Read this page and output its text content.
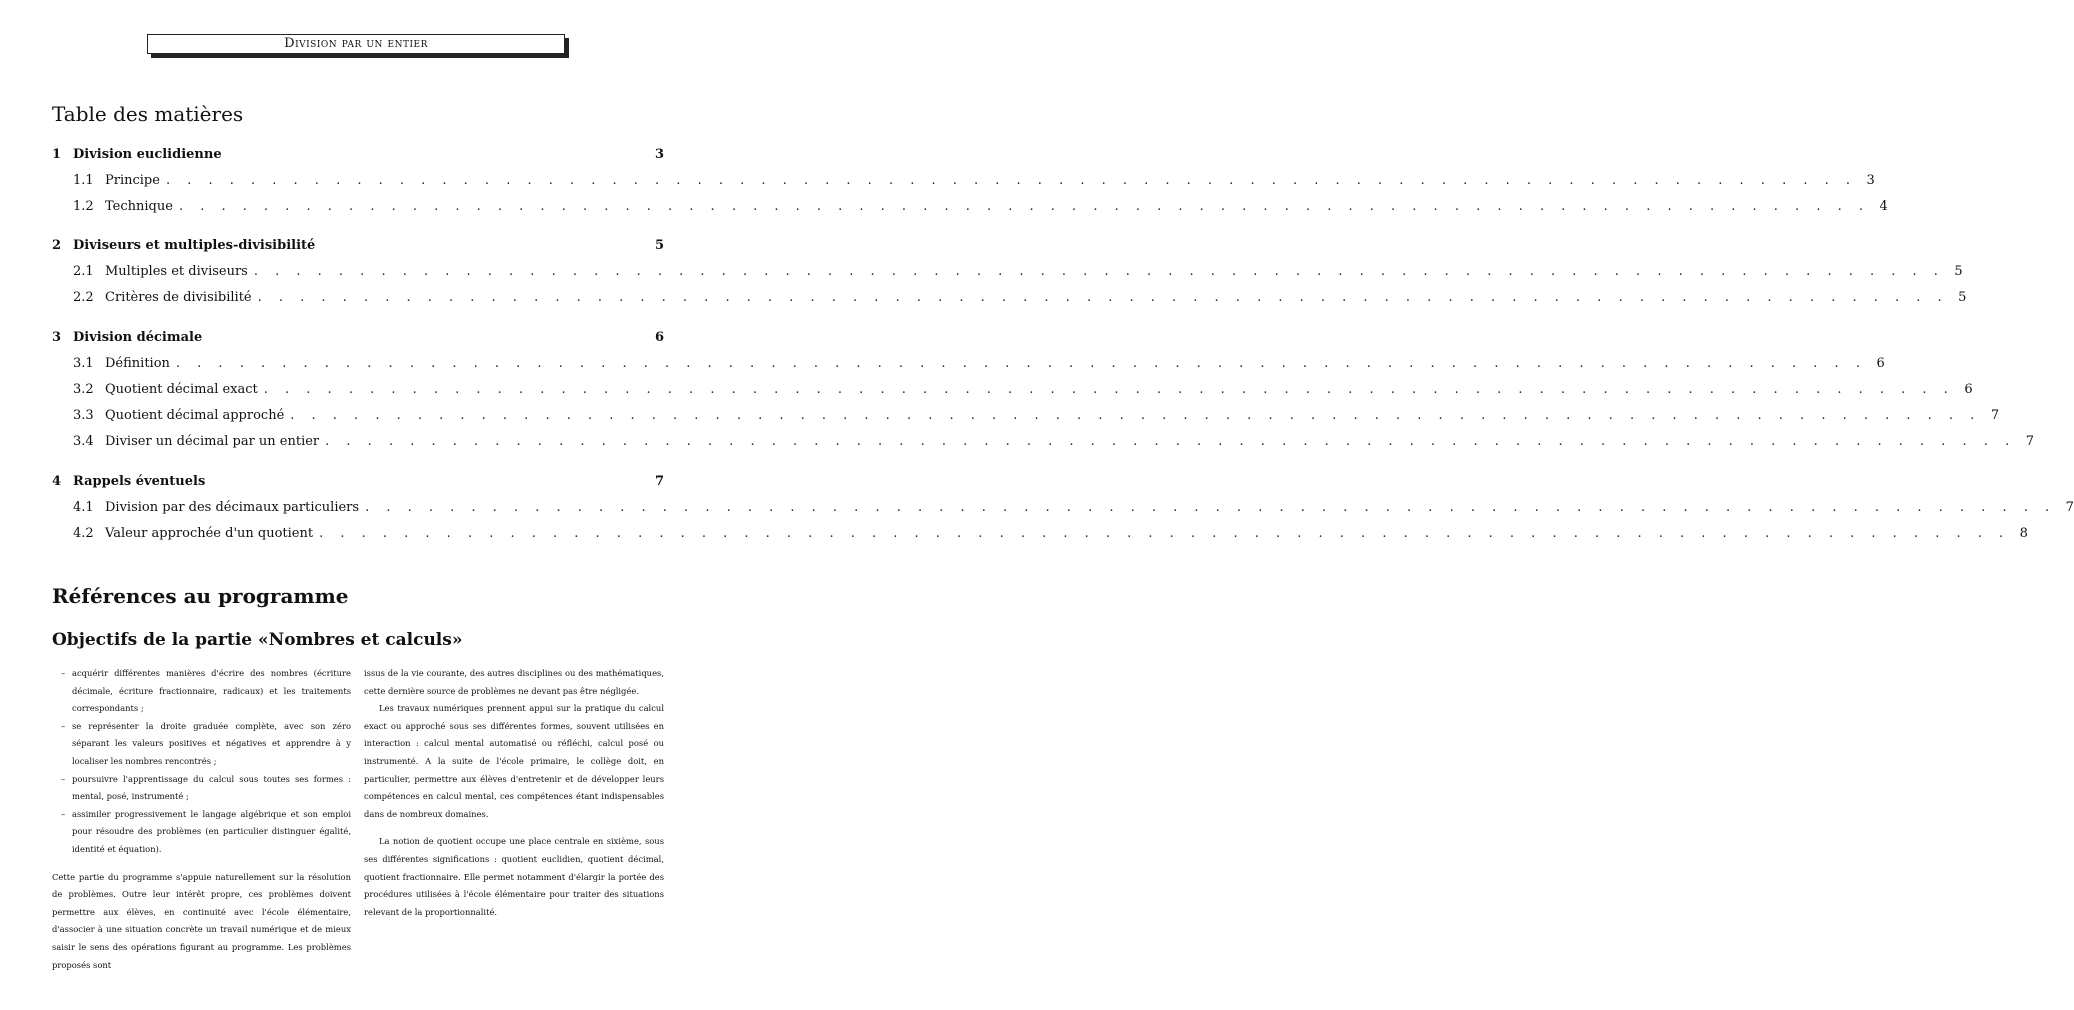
Division par un entier
Table des matières
1 Division euclidienne	3
1.1 Principe . . . . . . . . . . . . . . . . . . . . . . . . . . . . . . . . . . . . . . . . . . . . . . . . . . . . . . . . . . . . . . . . . . . . . . . . . . . . . . . . 3
1.2 Technique . . . . . . . . . . . . . . . . . . . . . . . . . . . . . . . . . . . . . . . . . . . . . . . . . . . . . . . . . . . . . . . . . . . . . . . . . . . . . . . . 4
2 Diviseurs et multiples-divisibilité	5
2.1 Multiples et diviseurs . . . . . . . . . . . . . . . . . . . . . . . . . . . . . . . . . . . . . . . . . . . . . . . . . . . . . . . . . . . . . . . . . . . . . . . . . . . . . . . . 5
2.2 Critères de divisibilité . . . . . . . . . . . . . . . . . . . . . . . . . . . . . . . . . . . . . . . . . . . . . . . . . . . . . . . . . . . . . . . . . . . . . . . . . . . . . . . . 5
3 Division décimale	6
3.1 Définition . . . . . . . . . . . . . . . . . . . . . . . . . . . . . . . . . . . . . . . . . . . . . . . . . . . . . . . . . . . . . . . . . . . . . . . . . . . . . . . . 6
3.2 Quotient décimal exact . . . . . . . . . . . . . . . . . . . . . . . . . . . . . . . . . . . . . . . . . . . . . . . . . . . . . . . . . . . . . . . . . . . . . . . . . . . . . . . . 6
3.3 Quotient décimal approché . . . . . . . . . . . . . . . . . . . . . . . . . . . . . . . . . . . . . . . . . . . . . . . . . . . . . . . . . . . . . . . . . . . . . . . . . . . . . . . . 7
3.4 Diviser un décimal par un entier . . . . . . . . . . . . . . . . . . . . . . . . . . . . . . . . . . . . . . . . . . . . . . . . . . . . . . . . . . . . . . . . . . . . . . . . . . . . . . . . 7
4 Rappels éventuels	7
4.1 Division par des décimaux particuliers . . . . . . . . . . . . . . . . . . . . . . . . . . . . . . . . . . . . . . . . . . . . . . . . . . . . . . . . . . . . . . . . . . . . . . . . . . . . . . . . 7
4.2 Valeur approchée d'un quotient . . . . . . . . . . . . . . . . . . . . . . . . . . . . . . . . . . . . . . . . . . . . . . . . . . . . . . . . . . . . . . . . . . . . . . . . . . . . . . . . 8
Références au programme
Objectifs de la partie «Nombres et calculs»
– acquérir différentes manières d'écrire des nombres (écriture décimale, écriture fractionnaire, radicaux) et les traitements correspondants ;
– se représenter la droite graduée complète, avec son zéro séparant les valeurs positives et négatives et apprendre à y localiser les nombres rencontrés ;
– poursuivre l'apprentissage du calcul sous toutes ses formes : mental, posé, instrumenté ;
– assimiler progressivement le langage algébrique et son emploi pour résoudre des problèmes (en particulier distinguer égalité, identité et équation).

Cette partie du programme s'appuie naturellement sur la résolution de problèmes. Outre leur intérêt propre, ces problèmes doivent permettre aux élèves, en continuité avec l'école élémentaire, d'associer à une situation concrète un travail numérique et de mieux saisir le sens des opérations figurant au programme. Les problèmes proposés sont

issus de la vie courante, des autres disciplines ou des mathématiques, cette dernière source de problèmes ne devant pas être négligée.

Les travaux numériques prennent appui sur la pratique du calcul exact ou approché sous ses différentes formes, souvent utilisées en interaction : calcul mental automatisé ou réfléchi, calcul posé ou instrumenté. A la suite de l'école primaire, le collège doit, en particulier, permettre aux élèves d'entretenir et de développer leurs compétences en calcul mental, ces compétences étant indispensables dans de nombreux domaines.

La notion de quotient occupe une place centrale en sixième, sous ses différentes significations : quotient euclidien, quotient décimal, quotient fractionnaire. Elle permet notamment d'élargir la portée des procédures utilisées à l'école élémentaire pour traiter des situations relevant de la proportionnalité.
